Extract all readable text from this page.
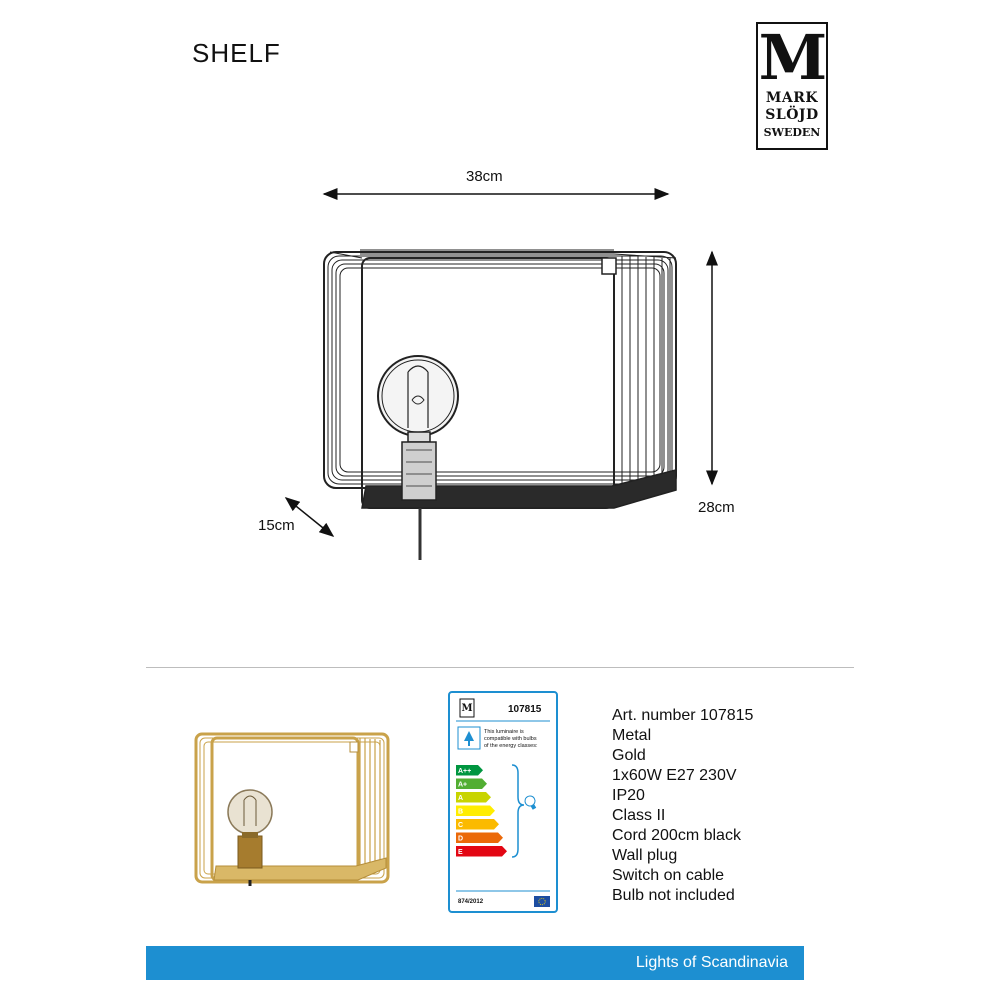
SHELF	M
MARK
SLÖJD
SWEDEN
38cm
28cm
15cm
M	107815
This luminaire is compatible with bulbs of the energy classes:
A++
A+
A
B
C
D
E
874/2012
Art. number 107815
Metal
Gold
1x60W E27 230V
IP20
Class II
Cord 200cm black
Wall plug
Switch on cable
Bulb not included
Lights of Scandinavia
